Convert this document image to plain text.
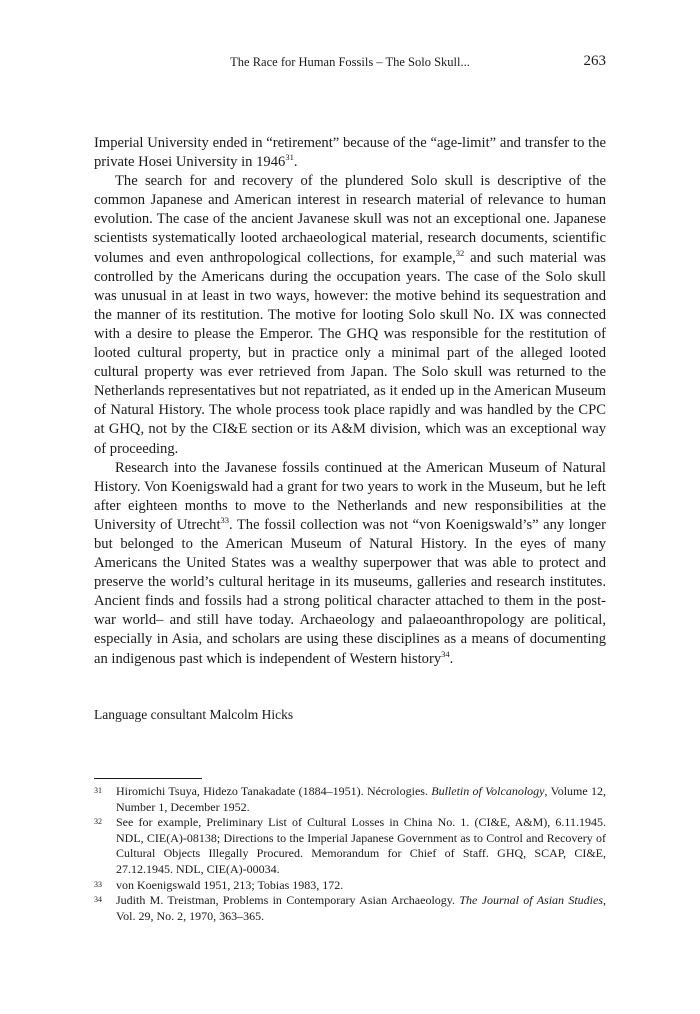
The Race for Human Fossils – The Solo Skull...	263

Imperial University ended in “retirement” because of the “age-limit” and transfer to the private Hosei University in 1946$^{31}$.

The search for and recovery of the plundered Solo skull is descriptive of the common Japanese and American interest in research material of relevance to human evolution. The case of the ancient Javanese skull was not an exceptional one. Japanese scientists systematically looted archaeological material, research documents, scientific volumes and even anthropological collections, for example,$^{32}$ and such material was controlled by the Americans during the occupation years. The case of the Solo skull was unusual in at least in two ways, however: the motive behind its sequestration and the manner of its restitution. The motive for looting Solo skull No. IX was connected with a desire to please the Emperor. The GHQ was responsible for the restitution of looted cultural property, but in practice only a minimal part of the alleged looted cultural property was ever retrieved from Japan. The Solo skull was returned to the Netherlands representatives but not repatriated, as it ended up in the American Museum of Natural History. The whole process took place rapidly and was handled by the CPC at GHQ, not by the CI&E section or its A&M division, which was an exceptional way of proceeding.

Research into the Javanese fossils continued at the American Museum of Natural History. Von Koenigswald had a grant for two years to work in the Museum, but he left after eighteen months to move to the Netherlands and new responsibilities at the University of Utrecht$^{33}$. The fossil collection was not “von Koenigswald’s” any longer but belonged to the American Museum of Natural History. In the eyes of many Americans the United States was a wealthy superpower that was able to protect and preserve the world’s cultural heritage in its museums, galleries and research institutes. Ancient finds and fossils had a strong political character attached to them in the post-war world– and still have today. Archaeology and palaeoanthropology are political, especially in Asia, and scholars are using these disciplines as a means of documenting an indigenous past which is independent of Western history$^{34}$.

Language consultant Malcolm Hicks
31 Hiromichi Tsuya, Hidezo Tanakadate (1884–1951). Nécrologies. Bulletin of Volcanology, Volume 12, Number 1, December 1952.
32 See for example, Preliminary List of Cultural Losses in China No. 1. (CI&E, A&M), 6.11.1945. NDL, CIE(A)-08138; Directions to the Imperial Japanese Government as to Control and Recovery of Cultural Objects Illegally Procured. Memorandum for Chief of Staff. GHQ, SCAP, CI&E, 27.12.1945. NDL, CIE(A)-00034.
33 von Koenigswald 1951, 213; Tobias 1983, 172.
34 Judith M. Treistman, Problems in Contemporary Asian Archaeology. The Journal of Asian Studies, Vol. 29, No. 2, 1970, 363–365.
